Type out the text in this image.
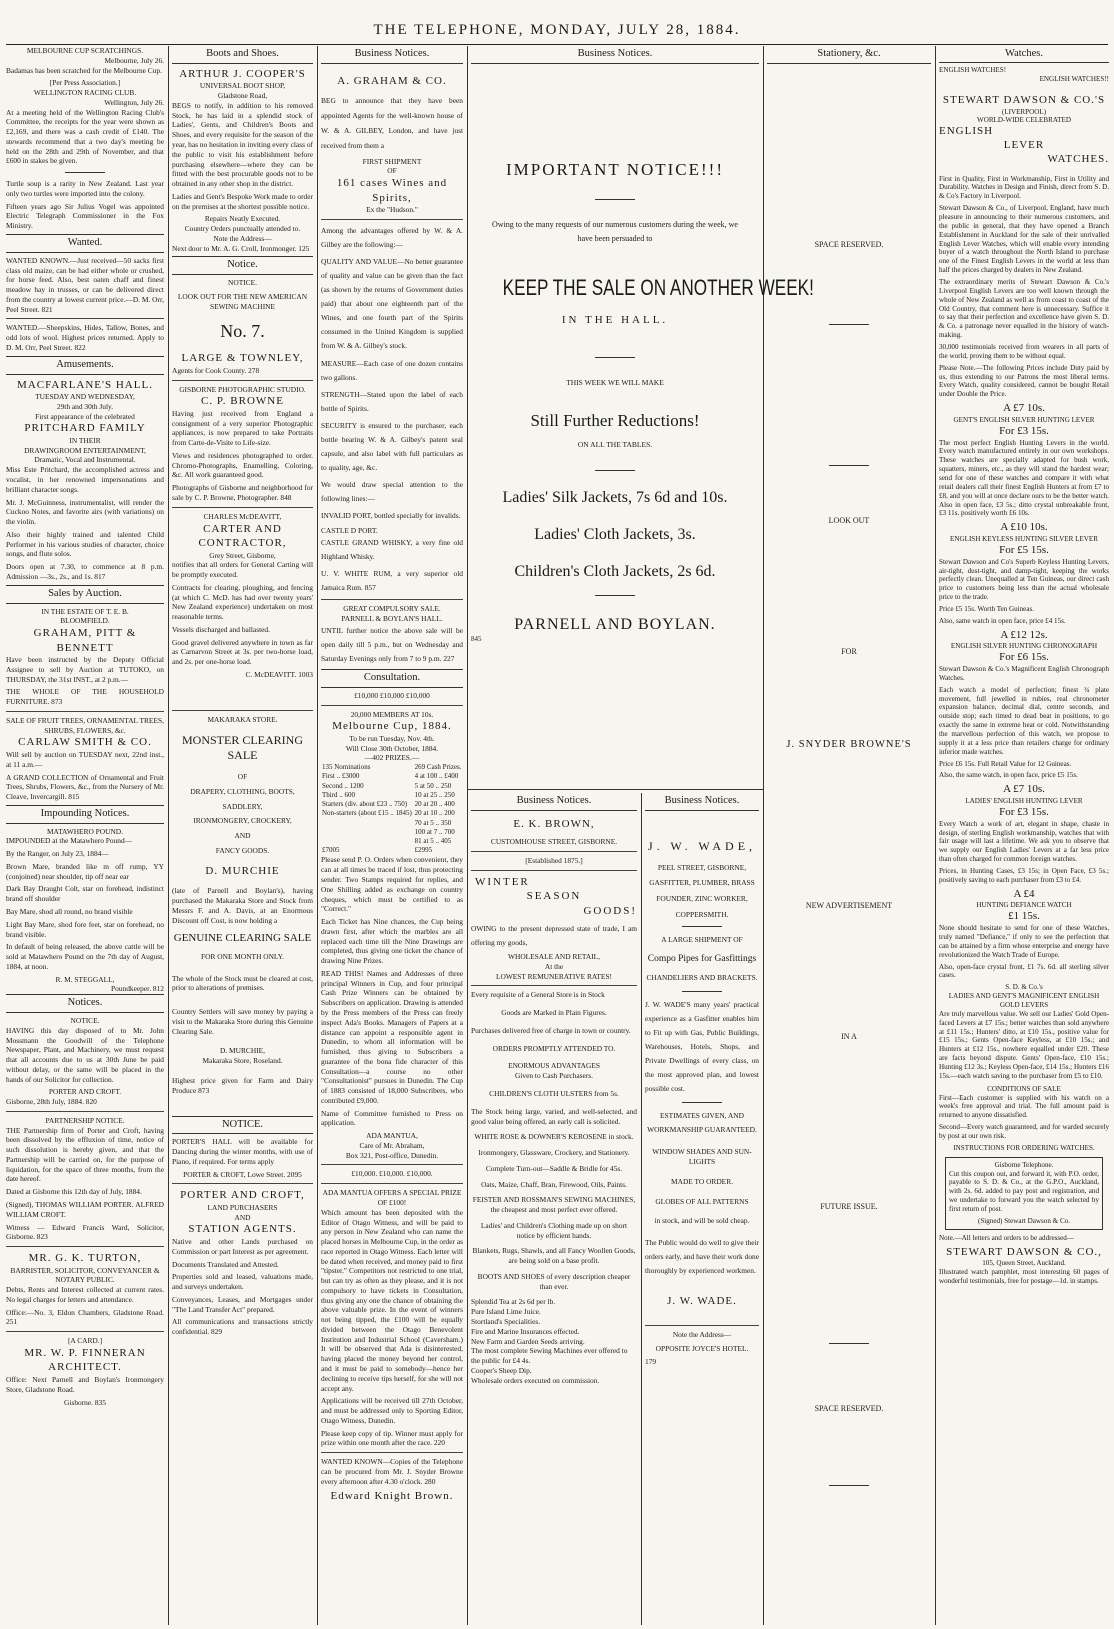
THE TELEPHONE, MONDAY, JULY 28, 1884.
MELBOURNE CUP SCRATCHINGS.
Melbourne, July 26.
Badamas has been scratched for the Melbourne Cup.
[Per Press Association.]
WELLINGTON RACING CLUB.
Wellington, July 26.
At a meeting held of the Wellington Racing Club's Committee, the receipts for the year were shown as £2,169, and there was a cash credit of £140. The stewards recommend that a two day's meeting be held on the 28th and 29th of November, and that £600 in stakes be given.
Turtle soup is a rarity in New Zealand. Last year only two turtles were imported into the colony.
Fifteen years ago Sir Julius Vogel was appointed Electric Telegraph Commissioner in the Fox Ministry.
Wanted.
WANTED KNOWN.—Just received—50 sacks first class old maize, can be had either whole or crushed, for horse feed. Also, best oaten chaff and finest meadow hay in trusses, or can be delivered direct from the country at lowest current price.—D. M. Orr, Peel Street. 821
WANTED.—Sheepskins, Hides, Tallow, Bones, and odd lots of wool. Highest prices returned. Apply to D. M. Orr, Peel Street. 822
Amusements.
MACFARLANE'S HALL.
TUESDAY AND WEDNESDAY,
29th and 30th July.
First appearance of the celebrated
PRITCHARD FAMILY
IN THEIR
DRAWINGROOM ENTERTAINMENT,
Dramatic, Vocal and Instrumental.
Miss Este Pritchard, the accomplished actress and vocalist, in her renowned impersonations and brilliant character songs.
Mr. J. McGuinness, instrumentalist, will render the Cuckoo Notes, and favorite airs (with variations) on the violin.
Also their highly trained and talented Child Performer in his various studies of character, choice songs, and flute solos.
Doors open at 7.30, to commence at 8 p.m. Admission —3s., 2s., and 1s. 817
Sales by Auction.
IN THE ESTATE OF T. E. B.
BLOOMFIELD.
GRAHAM, PITT & BENNETT
Have been instructed by the Deputy Official Assignee to sell by Auction at TUTOKO, on THURSDAY, the 31st INST., at 2 p.m.—
THE WHOLE OF THE HOUSEHOLD FURNITURE. 873
SALE OF FRUIT TREES, ORNAMENTAL TREES, SHRUBS, FLOWERS, &c.
CARLAW SMITH & CO.
Will sell by auction on TUESDAY next, 22nd inst., at 11 a.m.—
A GRAND COLLECTION of Ornamental and Fruit Trees, Shrubs, Flowers, &c., from the Nursery of Mr. Cleave, Invercargill. 815
Impounding Notices.
MATAWHERO POUND.
IMPOUNDED at the Matawhero Pound—
By the Ranger, on July 23, 1884—
Brown Mare, branded like m off rump, YY (conjoined) near shoulder, tip off near ear
Dark Bay Draught Colt, star on forehead, indistinct brand off shoulder
Bay Mare, shod all round, no brand visible
Light Bay Mare, shod fore feet, star on forehead, no brand visible.
In default of being released, the above cattle will be sold at Matawhero Pound on the 7th day of August, 1884, at noon.
R. M. STEGGALL,
Poundkeeper. 812
Notices.
NOTICE.
HAVING this day disposed of to Mr. John Mossmann the Goodwill of the Telephone Newspaper, Plant, and Machinery, we must request that all accounts due to us at 30th June be paid without delay, or the same will be placed in the hands of our Solicitor for collection.
PORTER AND CROFT.
Gisborne, 28th July, 1884. 820
PARTNERSHIP NOTICE.
THE Partnership firm of Porter and Croft, having been dissolved by the effluxion of time, notice of such dissolution is hereby given, and that the Partnership will be carried on, for the purpose of liquidation, for the space of three months, from the date hereof.
Dated at Gisborne this 12th day of July, 1884.
(Signed), THOMAS WILLIAM PORTER. ALFRED WILLIAM CROFT.
Witness — Edward Francis Ward, Solicitor, Gisborne. 823
MR. G. K. TURTON,
BARRISTER, SOLICITOR, CONVEYANCER & NOTARY PUBLIC.
Debts, Rents and Interest collected at current rates. No legal charges for letters and attendance.
Office:—No. 3, Eldon Chambers, Gladstone Road. 251
[A CARD.]
MR. W. P. FINNERAN ARCHITECT.
Office: Next Parnell and Boylan's Ironmongery Store, Gladstone Road.
Gisborne. 835
Boots and Shoes.
ARTHUR J. COOPER'S
UNIVERSAL BOOT SHOP,
Gladstone Road,
BEGS to notify, in addition to his removed Stock, he has laid in a splendid stock of Ladies', Gents, and Children's Boots and Shoes, and every requisite for the season of the year, has no hesitation in inviting every class of the public to visit his establishment before purchasing elsewhere—where they can be fitted with the best procurable goods not to be obtained in any other shop in the district.
Ladies and Gent's Bespoke Work made to order on the premises at the shortest possible notice.
Repairs Neatly Executed.
Country Orders punctually attended to.
Note the Address—
Next door to Mr. A. G. Croll, Ironmonger. 125
Notice.
NOTICE.
LOOK OUT FOR THE NEW AMERICAN SEWING MACHINE
No. 7.
LARGE & TOWNLEY,
Agents for Cook County. 278
GISBORNE PHOTOGRAPHIC STUDIO.
C. P. BROWNE
Having just received from England a consignment of a very superior Photographic appliances, is now prepared to take Portraits from Carte-de-Visite to Life-size.
Views and residences photographed to order. Chromo-Photographs, Enamelling, Coloring, &c. All work guaranteed good.
Photographs of Gisborne and neighborhood for sale by C. P. Browne, Photographer. 848
CHARLES McDEAVITT,
CARTER AND CONTRACTOR,
Grey Street, Gisborne,
notifies that all orders for General Carting will be promptly executed.
Contracts for clearing, ploughing, and fencing (at which C. McD. has had over twenty years' New Zealand experience) undertaken on most reasonable terms.
Vessels discharged and ballasted.
Good gravel delivered anywhere in town as far as Carnarvon Street at 3s. per two-horse load, and 2s. per one-horse load.
C. McDEAVITT. 1003
MAKARAKA STORE.
MONSTER CLEARING SALE
OF
DRAPERY, CLOTHING, BOOTS,
SADDLERY,
IRONMONGERY, CROCKERY,
AND
FANCY GOODS.
D. MURCHIE
(late of Parnell and Boylan's), having purchased the Makaraka Store and Stock from Messrs F. and A. Davis, at an Enormous Discount off Cost, is now holding a
GENUINE CLEARING SALE
FOR ONE MONTH ONLY.
The whole of the Stock must be cleared at cost, prior to alterations of premises.
Country Settlers will save money by paying a visit to the Makaraka Store during this Genuine Clearing Sale.
D. MURCHIE,
Makaraka Store, Roseland.
Highest price given for Farm and Dairy Produce 873
NOTICE.
PORTER'S HALL will be available for Dancing during the winter months, with use of Piano, if required. For terms apply
PORTER & CROFT, Lowe Street. 2095
PORTER AND CROFT,
LAND PURCHASERS
AND
STATION AGENTS.
Native and other Lands purchased on Commission or part Interest as per agreement.
Documents Translated and Attested.
Properties sold and leased, valuations made, and surveys undertaken.
Conveyances, Leases, and Mortgages under "The Land Transfer Act" prepared.
All communications and transactions strictly confidential. 829
Business Notices.
A. GRAHAM & CO.
BEG to announce that they have been appointed Agents for the well-known house of W. & A. GILBEY, London, and have just received from them a
FIRST SHIPMENT
OF
161 cases Wines and Spirits,
Ex the "Hudson."
Among the advantages offered by W. & A. Gilbey are the following:—
QUALITY AND VALUE—No better guarantee of quality and value can be given than the fact (as shown by the returns of Government duties paid) that about one eighteenth part of the Wines, and one fourth part of the Spirits consumed in the United Kingdom is supplied from W. & A. Gilbey's stock.
MEASURE—Each case of one dozen contains two gallons.
STRENGTH—Stated upon the label of each bottle of Spirits.
SECURITY is ensured to the purchaser, each bottle bearing W. & A. Gilbey's patent seal capsule, and also label with full particulars as to quality, age, &c.
We would draw special attention to the following lines:—
INVALID PORT, bottled specially for invalids.
CASTLE D PORT.
CASTLE GRAND WHISKY, a very fine old Highland Whisky.
U. V. WHITE RUM, a very superior old Jamaica Rum. 857
GREAT COMPULSORY SALE.
PARNELL & BOYLAN'S HALL.
UNTIL further notice the above sale will be open daily till 5 p.m., but on Wednesday and Saturday Evenings only from 7 to 9 p.m. 227
Consultation.
£10,000 £10,000 £10,000
20,000 MEMBERS AT 10s.
Melbourne Cup, 1884.
To be run Tuesday, Nov. 4th.
Will Close 30th October, 1884.
—402 PRIZES.—
135 Nominations	269 Cash Prizes.
First .. £3000	4 at 100 .. £400
Second .. 1200	5 at 50 .. 250
Third .. 600	10 at 25 .. 250
Starters (div. about £23 .. 750)	20 at 20 .. 400
Non-starters (about £15 .. 1845)	20 at 10 .. 200
	70 at 5 .. 350
	100 at 7 .. 700
	81 at 5 .. 405
£7005	£2995
Please send P. O. Orders when convenient, they can at all times be traced if lost, thus protecting sender. Two Stamps required for replies, and One Shilling added as exchange on country cheques, which must be certified to as "Correct."
Each Ticket has Nine chances, the Cup being drawn first, after which the marbles are all replaced each time till the Nine Drawings are completed, thus giving one ticket the chance of drawing Nine Prizes.
READ THIS! Names and Addresses of three principal Winners in Cup, and four principal Cash Prize Winners can be obtained by Subscribers on application. Drawing is attended by the Press members of the Press can freely inspect Ada's Books. Managers of Papers at a distance can appoint a responsible agent in Dunedin, to whom all information will be furnished, thus giving to Subscribers a guarantee of the bona fide character of this Consultation—a course no other "Consultationist" pursues in Dunedin. The Cup of 1883 consisted of 18,000 Subscribers, who contributed £9,000.
Name of Committee furnished to Press on application.
ADA MANTUA,
Care of Mr. Abraham,
Box 321, Post-office, Dunedin.
£10,000. £10,000. £10,000.
ADA MANTUA OFFERS A SPECIAL PRIZE OF £100!
Which amount has been deposited with the Editor of Otago Witness, and will be paid to any person in New Zealand who can name the placed horses in Melbourne Cup, in the order as race reported in Otago Witness. Each letter will be dated when received, and money paid to first "tipster." Competitors not restricted to one trial, but can try as often as they please, and it is not compulsory to have tickets in Consultation, thus giving any one the chance of obtaining the above valuable prize. In the event of winners not being tipped, the £100 will be equally divided between the Otago Benevolent Institution and Industrial School (Caversham.) It will be observed that Ada is disinterested, having placed the money beyond her control, and it must be paid to somebody—hence her declining to receive tips herself, for she will not accept any.
Applications will be received till 27th October, and must be addressed only to Sporting Editor, Otago Witness, Dunedin.
Please keep copy of tip. Winner must apply for prize within one month after the race. 220
WANTED KNOWN—Copies of the Telephone can be procured from Mr. J. Snyder Browne every afternoon after 4.30 o'clock. 280
Edward Knight Brown.
Business Notices.
IMPORTANT NOTICE!!!
Owing to the many requests of our numerous customers during the week, we have been persuaded to
KEEP THE SALE ON ANOTHER WEEK!
IN THE HALL.
THIS WEEK WE WILL MAKE
Still Further Reductions!
ON ALL THE TABLES.
Ladies' Silk Jackets, 7s 6d and 10s.
Ladies' Cloth Jackets, 3s.
Children's Cloth Jackets, 2s 6d.
PARNELL AND BOYLAN.
845
Business Notices.
E. K. BROWN,
CUSTOMHOUSE STREET, GISBORNE.
[Established 1875.]
WINTER
SEASON
GOODS!
OWING to the present depressed state of trade, I am offering my goods,
WHOLESALE AND RETAIL,
At the
LOWEST REMUNERATIVE RATES!
Every requisite of a General Store is in Stock
Goods are Marked in Plain Figures.
Purchases delivered free of charge in town or country.
ORDERS PROMPTLY ATTENDED TO.
ENORMOUS ADVANTAGES
Given to Cash Purchasers.
CHILDREN'S CLOTH ULSTERS from 5s.
The Stock being large, varied, and well-selected, and good value being offered, an early call is solicited.
WHITE ROSE & DOWNER'S KEROSENE in stock.
Ironmongery, Glassware, Crockery, and Stationery.
Complete Turn-out—Saddle & Bridle for 45s.
Oats, Maize, Chaff, Bran, Firewood, Oils, Paints.
FEISTER AND ROSSMAN'S SEWING MACHINES, the cheapest and most perfect ever offered.
Ladies' and Children's Clothing made up on short notice by efficient hands.
Blankets, Rugs, Shawls, and all Fancy Woollen Goods, are being sold on a base profit.
BOOTS AND SHOES of every description cheaper than ever.
Splendid Tea at 2s 6d per lb.
Pure Island Lime Juice.
Stortland's Specialities.
Fire and Marine Insurances effected.
New Farm and Garden Seeds arriving.
The most complete Sewing Machines ever offered to the public for £4 4s.
Cooper's Sheep Dip.
Wholesale orders executed on commission.
Business Notices.
J. W. WADE,
PEEL STREET, GISBORNE,
GASFITTER, PLUMBER, BRASS
FOUNDER, ZINC WORKER,
COPPERSMITH.
A LARGE SHIPMENT OF
Compo Pipes for Gasfittings
CHANDELIERS AND BRACKETS.
J. W. WADE'S many years' practical experience as a Gasfitter enables him to Fit up with Gas, Public Buildings, Warehouses, Hotels, Shops, and Private Dwellings of every class, on the most approved plan, and lowest possible cost.
ESTIMATES GIVEN, AND WORKMANSHIP GUARANTEED.
WINDOW SHADES AND SUN-LIGHTS
MADE TO ORDER.
GLOBES OF ALL PATTERNS
in stock, and will be sold cheap.
The Public would do well to give their orders early, and have their work done thoroughly by experienced workmen.
J. W. WADE.
Note the Address—
OPPOSITE JOYCE'S HOTEL.
179
Stationery, &c.
SPACE RESERVED.
LOOK OUT
FOR
J. SNYDER BROWNE'S
NEW ADVERTISEMENT
IN A
FUTURE ISSUE.
SPACE RESERVED.
Watches.
ENGLISH WATCHES!
ENGLISH WATCHES!!
STEWART DAWSON & CO.'S
(LIVERPOOL)
WORLD-WIDE CELEBRATED
ENGLISH
LEVER
WATCHES.
First in Quality, First in Workmanship, First in Utility and Durability. Watches in Design and Finish, direct from S. D. & Co's Factory in Liverpool.
Stewart Dawson & Co., of Liverpool, England, have much pleasure in announcing to their numerous customers, and the public in general, that they have opened a Branch Establishment in Auckland for the sale of their unrivalled English Lever Watches, which will enable every intending buyer of a watch throughout the North Island to purchase one of the Finest English Levers in the world at less than half the prices charged by dealers in New Zealand.
The extraordinary merits of Stewart Dawson & Co.'s Liverpool English Levers are too well known through the whole of New Zealand as well as from coast to coast of the Old Country, that comment here is unnecessary. Suffice it to say that their perfection and excellence have given S. D. & Co. a patronage never equalled in the history of watch-making.
30,000 testimonials received from wearers in all parts of the world, proving them to be without equal.
Please Note.—The following Prices include Duty paid by us, thus extending to our Patrons the most liberal terms. Every Watch, quality considered, cannot be bought Retail under Double the Price.
A £7 10s.
GENT'S ENGLISH SILVER HUNTING LEVER
For £3 15s.
The most perfect English Hunting Levers in the world. Every watch manufactured entirely in our own workshops. These watches are specially adapted for bush work, squatters, miners, etc., as they will stand the hardest wear; send for one of these watches and compare it with what retail dealers call their finest English Hunters at from £7 to £8, and you will at once declare ours to be the better watch. Also in open face, £3 5s.; ditto crystal unbreakable front, £3 11s. positively worth £6 10s.
A £10 10s.
ENGLISH KEYLESS HUNTING SILVER LEVER
For £5 15s.
Stewart Dawson and Co's Superb Keyless Hunting Levers, air-tight, dust-tight, and damp-tight, keeping the works perfectly clean. Unequalled at Ten Guineas, our direct cash price to customers being less than the actual wholesale price to the trade.
Price £5 15s. Worth Ten Guineas.
Also, same watch in open face, price £4 15s.
A £12 12s.
ENGLISH SILVER HUNTING CHRONOGRAPH
For £6 15s.
Stewart Dawson & Co.'s Magnificent English Chronograph Watches.
Each watch a model of perfection; finest ¾ plate movement, full jewelled in rubies, real chronometer expansion balance, decimal dial, centre seconds, and outside stop; each timed to dead beat in positions, to go exactly the same in extreme heat or cold. Notwithstanding the marvellous perfection of this watch, we propose to supply it at a less price than retailers charge for ordinary inferior made watches.
Price £6 15s. Full Retail Value for 12 Guineas.
Also, the same watch, in open face, price £5 15s.
A £7 10s.
LADIES' ENGLISH HUNTING LEVER
For £3 15s.
Every Watch a work of art, elegant in shape, chaste in design, of sterling English workmanship, watches that with fair usage will last a lifetime. We ask you to observe that we supply our English Ladies' Levers at a far less price than often charged for common foreign watches.
Prices, in Hunting Cases, £3 15s; in Open Face, £3 5s.; positively saving to each purchaser from £3 to £4.
A £4
HUNTING DEFIANCE WATCH
£1 15s.
None should hesitate to send for one of these Watches, truly named "Defiance," if only to see the perfection that can be attained by a firm whose enterprise and energy have revolutionized the Watch Trade of Europe.
Also, open-face crystal front, £1 7s. 6d. all sterling silver cases.
S. D. & Co.'s
LADIES AND GENT'S MAGNIFICENT ENGLISH GOLD LEVERS
Are truly marvellous value. We sell our Ladies' Gold Open-faced Levers at £7 15s.; better watches than sold anywhere at £11 15s.; Hunters' ditto, at £10 15s., positive value for £15 15s.; Gents Open-face Keyless, at £10 15s.; and Hunters at £12 15s., nowhere equalled under £20. These are facts beyond dispute. Gents' Open-face, £10 15s.; Hunting £12 3s.; Keyless Open-face, £14 15s.; Hunters £16 15s.—each watch saving to the purchaser from £5 to £10.
CONDITIONS OF SALE
First—Each customer is supplied with his watch on a week's free approval and trial. The full amount paid is returned to anyone dissatisfied.
Second—Every watch guaranteed, and for warded securely by post at our own risk.
INSTRUCTIONS FOR ORDERING WATCHES.
Gisborne Telephone.
Cut this coupon out, and forward it, with P.O. order, payable to S. D. & Co., at the G.P.O., Auckland, with 2s. 6d. added to pay post and registration, and we undertake to forward you the watch selected by first return of post.
(Signed) Stewart Dawson & Co.
Note.—All letters and orders to be addressed—
STEWART DAWSON & CO.,
105, Queen Street, Auckland.
Illustrated watch pamphlet, most interesting 60 pages of wonderful testimonials, free for postage—1d. in stamps.
